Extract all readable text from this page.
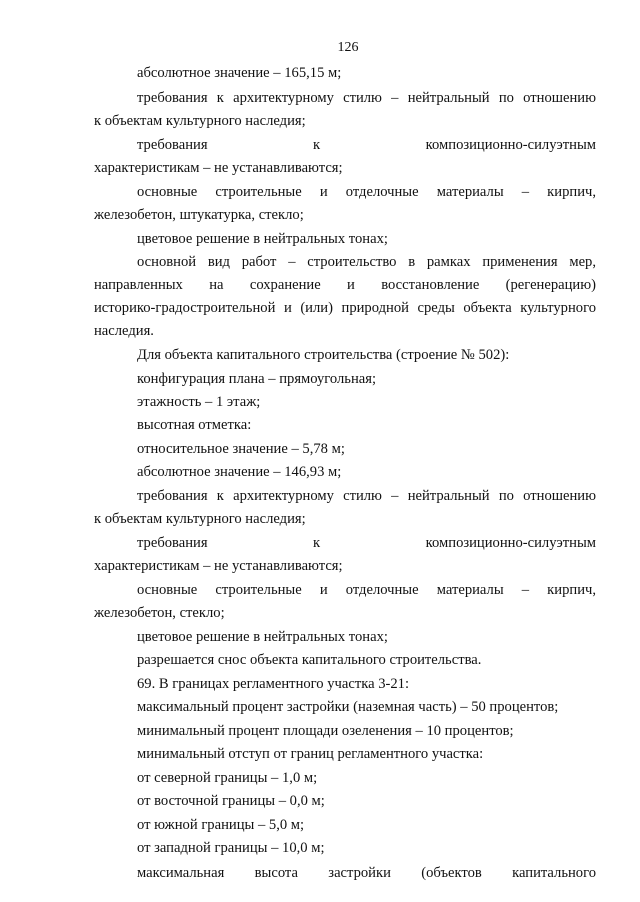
126
абсолютное значение – 165,15 м;
требования к архитектурному стилю – нейтральный по отношению
к объектам культурного наследия;
требования к композиционно-силуэтным
характеристикам – не устанавливаются;
основные строительные и отделочные материалы – кирпич,
железобетон, штукатурка, стекло;
цветовое решение в нейтральных тонах;
основной вид работ – строительство в рамках применения мер,
направленных на сохранение и восстановление (регенерацию)
историко-градостроительной и (или) природной среды объекта культурного
наследия.
Для объекта капитального строительства (строение № 502):
конфигурация плана – прямоугольная;
этажность – 1 этаж;
высотная отметка:
относительное значение – 5,78 м;
абсолютное значение – 146,93 м;
требования к архитектурному стилю – нейтральный по отношению
к объектам культурного наследия;
требования к композиционно-силуэтным
характеристикам – не устанавливаются;
основные строительные и отделочные материалы – кирпич,
железобетон, стекло;
цветовое решение в нейтральных тонах;
разрешается снос объекта капитального строительства.
69. В границах регламентного участка 3-21:
максимальный процент застройки (наземная часть) – 50 процентов;
минимальный процент площади озеленения – 10 процентов;
минимальный отступ от границ регламентного участка:
от северной границы – 1,0 м;
от восточной границы – 0,0 м;
от южной границы – 5,0 м;
от западной границы – 10,0 м;
максимальная высота застройки (объектов капитального
